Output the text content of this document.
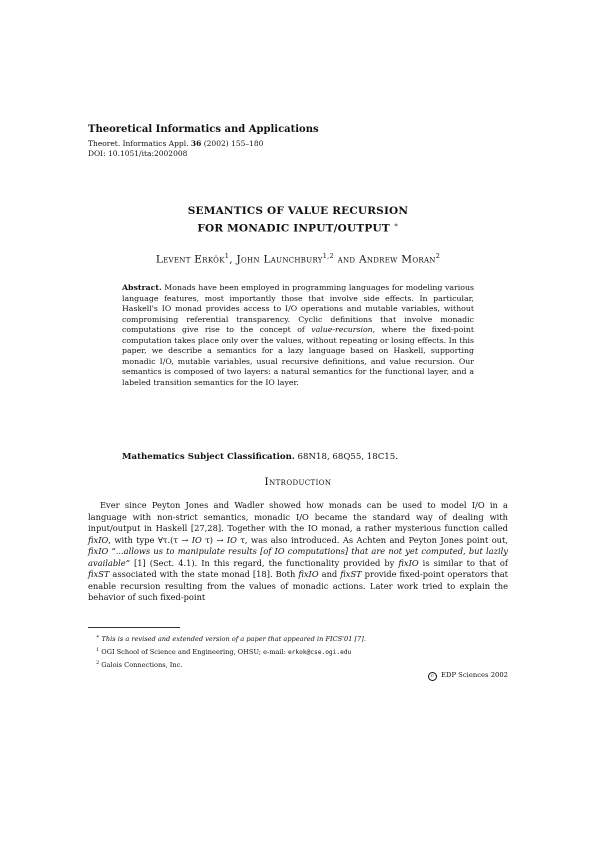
Theoretical Informatics and Applications
Theoret. Informatics Appl. 36 (2002) 155–180
DOI: 10.1051/ita:2002008
SEMANTICS OF VALUE RECURSION
FOR MONADIC INPUT/OUTPUT ∗
Levent Erkök$^1$, John Launchbury$^{1,2}$ and Andrew Moran$^2$
Abstract. Monads have been employed in programming languages for modeling various language features, most importantly those that involve side effects. In particular, Haskell's IO monad provides access to I/O operations and mutable variables, without compromising referential transparency. Cyclic definitions that involve monadic computations give rise to the concept of value-recursion, where the fixed-point computation takes place only over the values, without repeating or losing effects. In this paper, we describe a semantics for a lazy language based on Haskell, supporting monadic I/O, mutable variables, usual recursive definitions, and value recursion. Our semantics is composed of two layers: a natural semantics for the functional layer, and a labeled transition semantics for the IO layer.
Mathematics Subject Classification. 68N18, 68Q55, 18C15.
Introduction

Ever since Peyton Jones and Wadler showed how monads can be used to model I/O in a language with non-strict semantics, monadic I/O became the standard way of dealing with input/output in Haskell [27,28]. Together with the IO monad, a rather mysterious function called fixIO, with type ∀τ.(τ → IO τ) → IO τ, was also introduced. As Achten and Peyton Jones point out, fixIO “...allows us to manipulate results [of IO computations] that are not yet computed, but lazily available” [1] (Sect. 4.1). In this regard, the functionality provided by fixIO is similar to that of fixST associated with the state monad [18]. Both fixIO and fixST provide fixed-point operators that enable recursion resulting from the values of monadic actions. Later work tried to explain the behavior of such fixed-point

∗ This is a revised and extended version of a paper that appeared in FICS'01 [7].
$^1$ OGI School of Science and Engineering, OHSU; e-mail: erkok@cse.ogi.edu
$^2$ Galois Connections, Inc.
c EDP Sciences 2002
